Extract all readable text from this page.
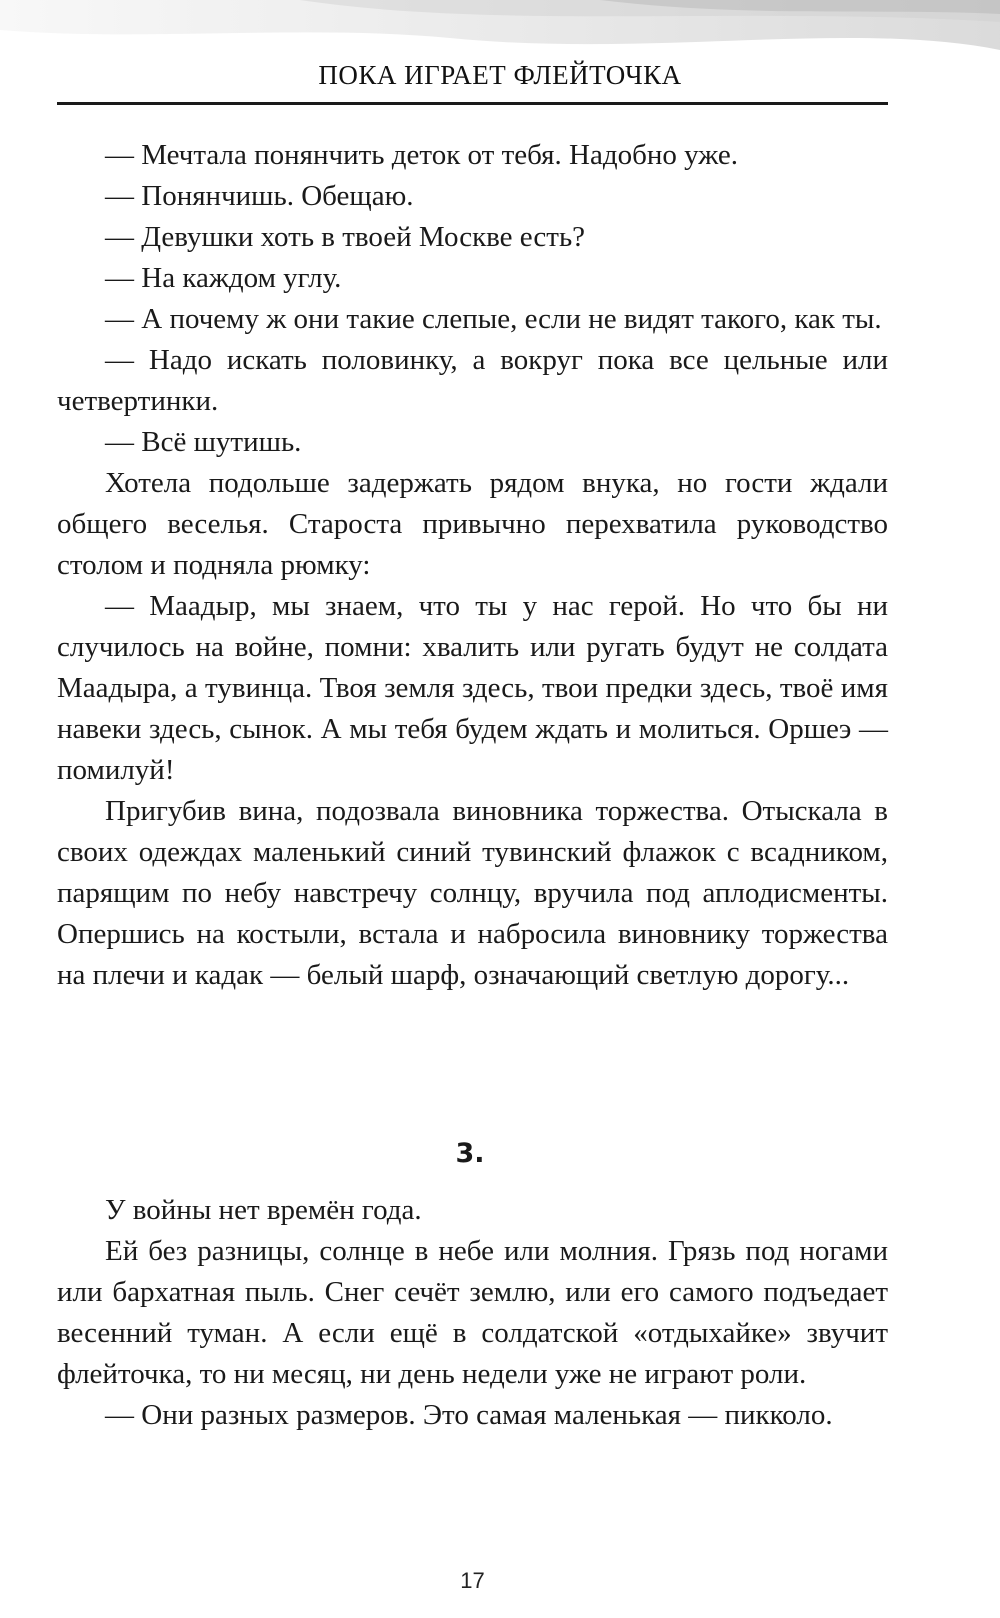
ПОКА ИГРАЕТ ФЛЕЙТОЧКА

— Мечтала понянчить деток от тебя. Надобно уже.

— Понянчишь. Обещаю.

— Девушки хоть в твоей Москве есть?

— На каждом углу.

— А почему ж они такие слепые, если не видят такого, как ты.

— Надо искать половинку, а вокруг пока все цельные или четвертинки.

— Всё шутишь.

Хотела подольше задержать рядом внука, но гости ждали общего веселья. Староста привычно перехватила руководство столом и подняла рюмку:

— Маадыр, мы знаем, что ты у нас герой. Но что бы ни случилось на войне, помни: хвалить или ругать будут не солдата Маадыра, а тувинца. Твоя земля здесь, твои предки здесь, твоё имя навеки здесь, сынок. А мы тебя будем ждать и молиться. Оршеэ — помилуй!

Пригубив вина, подозвала виновника торжества. Отыскала в своих одеждах маленький синий тувинский флажок с всадником, парящим по небу навстречу солнцу, вручила под аплодисменты. Опершись на костыли, встала и набросила виновнику торжества на плечи и кадак — белый шарф, означающий светлую дорогу...

3.

У войны нет времён года.

Ей без разницы, солнце в небе или молния. Грязь под ногами или бархатная пыль. Снег сечёт землю, или его самого подъедает весенний туман. А если ещё в солдатской «отдыхайке» звучит флейточка, то ни месяц, ни день недели уже не играют роли.

— Они разных размеров. Это самая маленькая — пикколо.

17
